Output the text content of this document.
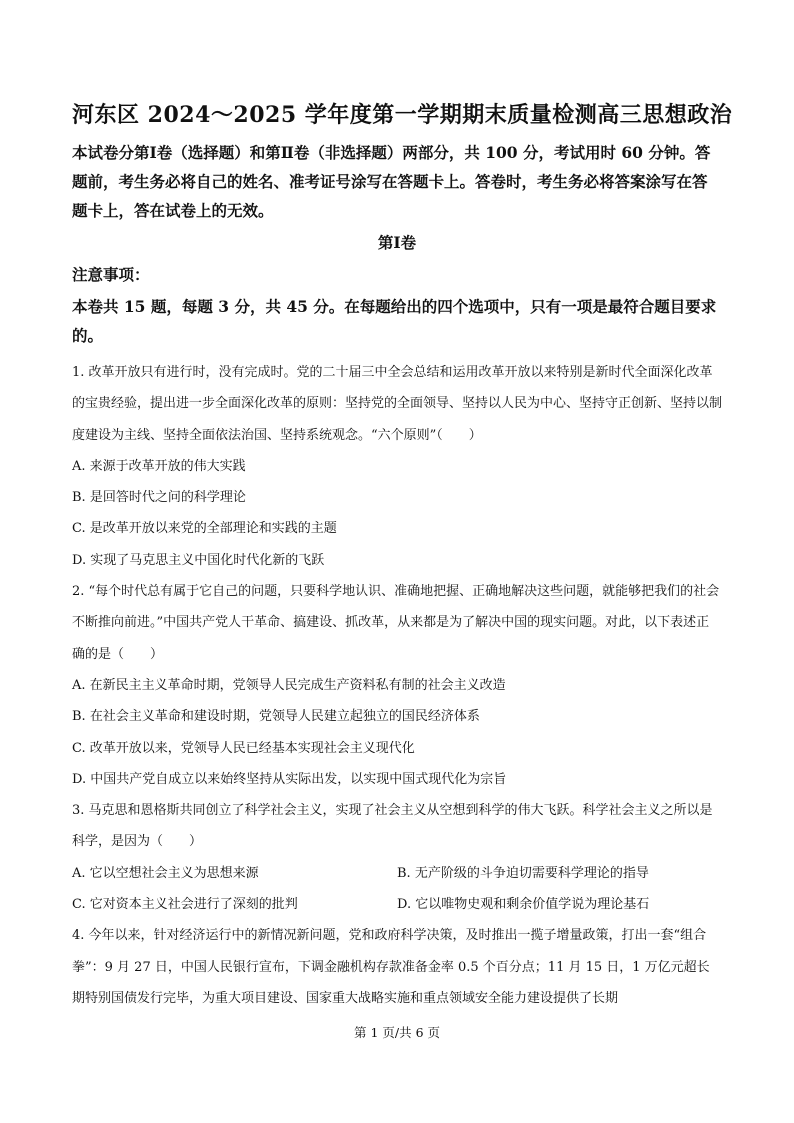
河东区 2024～2025 学年度第一学期期末质量检测高三思想政治
本试卷分第Ⅰ卷（选择题）和第Ⅱ卷（非选择题）两部分，共 100 分，考试用时 60 分钟。答题前，考生务必将自己的姓名、准考证号涂写在答题卡上。答卷时，考生务必将答案涂写在答题卡上，答在试卷上的无效。
第Ⅰ卷
注意事项：
本卷共 15 题，每题 3 分，共 45 分。在每题给出的四个选项中，只有一项是最符合题目要求的。

1. 改革开放只有进行时，没有完成时。党的二十届三中全会总结和运用改革开放以来特别是新时代全面深化改革的宝贵经验，提出进一步全面深化改革的原则：坚持党的全面领导、坚持以人民为中心、坚持守正创新、坚持以制度建设为主线、坚持全面依法治国、坚持系统观念。“六个原则”（　　）

A. 来源于改革开放的伟大实践

B. 是回答时代之问的科学理论

C. 是改革开放以来党的全部理论和实践的主题

D. 实现了马克思主义中国化时代化新的飞跃

2. “每个时代总有属于它自己的问题，只要科学地认识、准确地把握、正确地解决这些问题，就能够把我们的社会不断推向前进。”中国共产党人干革命、搞建设、抓改革，从来都是为了解决中国的现实问题。对此，以下表述正确的是（　　）

A. 在新民主主义革命时期，党领导人民完成生产资料私有制的社会主义改造

B. 在社会主义革命和建设时期，党领导人民建立起独立的国民经济体系

C. 改革开放以来，党领导人民已经基本实现社会主义现代化

D. 中国共产党自成立以来始终坚持从实际出发，以实现中国式现代化为宗旨

3. 马克思和恩格斯共同创立了科学社会主义，实现了社会主义从空想到科学的伟大飞跃。科学社会主义之所以是科学，是因为（　　）

A. 它以空想社会主义为思想来源	B. 无产阶级的斗争迫切需要科学理论的指导

C. 它对资本主义社会进行了深刻的批判	D. 它以唯物史观和剩余价值学说为理论基石

4. 今年以来，针对经济运行中的新情况新问题，党和政府科学决策，及时推出一揽子增量政策，打出一套“组合拳”：9 月 27 日，中国人民银行宣布，下调金融机构存款准备金率 0.5 个百分点；11 月 15 日，1 万亿元超长期特别国债发行完毕，为重大项目建设、国家重大战略实施和重点领域安全能力建设提供了长期

第 1 页/共 6 页
